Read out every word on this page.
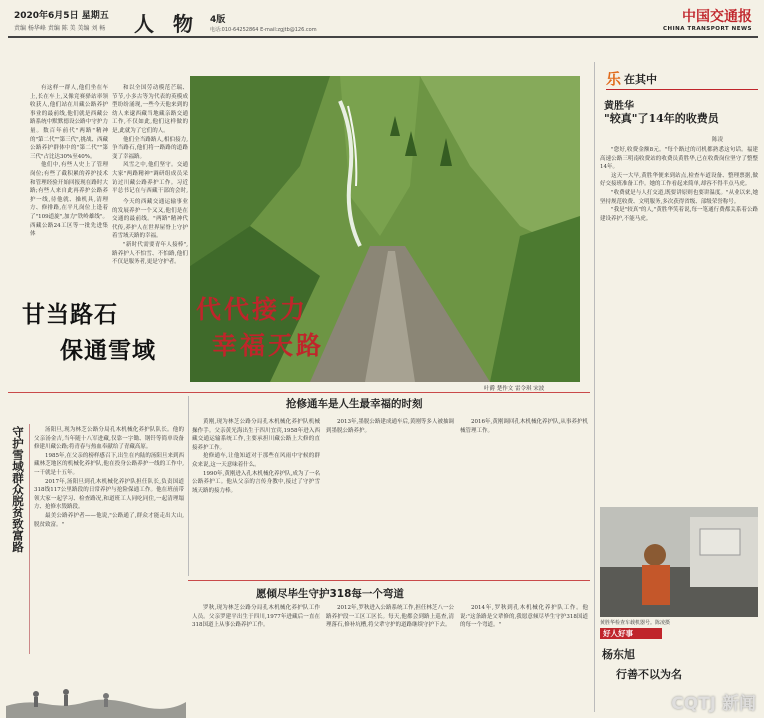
2020年6月5日 星期五
责编 杨华峰 责编 陈 美 美编 刘 畅 人 物 4版
电话:010-64252864 E-mail:zgjtb@126.com
中国交通报
CHINA TRANSPORT NEWS

有这样一群人,他们坐在车上,长在车上,又像竞赛驿站率领收获人,他们站在川藏公路养护事业的最前线,他们就是西藏公路系统中默默德设公路中守护力量。数百年前代"两路"精神的"第二代""第三代",挑战、西藏公路养护群体中的"第二代""第三代"占比达30%至40%。

他们中,有些人史上了管理岗位;有些了截积累的养护技术和管理经验开始回报现在路时大路;有些人来自此再养护公路养护一线,待他就、操机具,清理方、修排路,在平凡岗位上逢着了"109道旋",加力"铁岭雄线"。西藏公路24工区等一批先进集体

和以全国劳动模范芒瑞、节节,小多古等为代表的英模成型纷纷涌现,一些今天他来到的幼人来逮西藏当地藏亲路交通工作,不仅如此,他们这样做的是,此就为了它们的人。

他们全当路路人,相伯接力,争当路石,他们将一路路的道路变了幸福路。

风雪之中,他们坚守。交通大家"两路精神"调研组成员采访过川藏公路养护工作。习近平总书记在与西藏干部的会时,

今天的西藏交通运输事业的发展养护一个又又,他们是在交通的最前线。"两路"精神代代传,养护人在世界屋脊上守护着雪域天路的幸福。

"新时代需要青年人接棒",路养护人不怕雪、不怕路,他们不仅是服务者,更是守护者。

甘当路石	代代接力
保通雪域 幸福天路
叶爵 楚作文 雷令琪 宋波
守护雪域群众脱贫致富路	汤阳旦,现为林芝公路分局孔木机械化养护队队长。他的父亲汤金吉,当年随十八军进藏,仅靠一字锄、钢钎等简单设备修建川藏公路;将青春与热血奉献给了青藏高原。

1985年,在父亲的榜样感召下,出生在内陆的汤阳旦来到西藏林芝地区的机械化养护队,他在投身公路养护一线的工作中,一干就是十五年。

2017年,汤阳旦到孔木机械化养护队担任队长,负责国道318线117公里路段的日常养护与抢险保通工作。他在班前带领大家一起学习、检查路况,和道班工人同吃同住,一起清理塌方、抢修水毁路段。

最美公路养护者——他说,"公路通了,群众才能走出大山,脱贫致富。"

抢修通车是人生最幸福的时刻

黄刚,现为林芝公路分局孔木机械化养护队机械操作手。父亲黄光海出生于四川宜宾,1958年进入西藏交通运输系统工作,主要承担川藏公路上大修的直接养护工作。

抢修通车,让他知道对于那些在风雨中守候的群众来说,这一天意味着什么。

1990年,黄刚进入孔木机械化养护队,成为了一名公路养护工。他从父亲的言传身教中,接过了守护雪域天路的接力棒。

2013年,墨脱公路建成通车后,黄刚等多人被抽调到墨脱公路养护。

2016年,黄刚调回孔木机械化养护队,从事养护机械管理工作。

愿倾尽毕生守护318每一个弯道

罗秋,现为林芝公路分局孔木机械化养护队工作人员。父亲罗建平出生于四川,1977年进藏后一直在318国道上从事公路养护工作。

2012年,罗秋进入公路系统工作,担任林芝八一公路养护段一工区工区长。每天,他都会到路上巡查,清理落石,修补坑槽,将父辈守护的道路继续守护下去。

2014年,罗秋到孔木机械化养护队工作。他说:"这条路是父辈修的,我愿意倾尽毕生守护318国道的每一个弯道。"

乐 在其中
黄胜华
"较真"了14年的收费员
陈凌

"您好,收费金额8元。"每个路过的司机都熟悉这句话。福建高速公路三明南收费站的收费员黄胜华,已在收费岗位坚守了整整14年。

这天一大早,黄胜华便来到站点,检查车道设备、整理票据,做好交接班准备工作。她的工作看起来简单,却容不得半点马虎。

"收费就是与人打交道,既要讲原则也要讲温度。"从业以来,她坚持规范收费、文明服务,多次获得省级、部级荣誉称号。

"我是"较真"的人,"黄胜华笑着说,每一笔通行费都关系着公路建设养护,不能马虎。

黄胜华检查车载机器号。陈凌摄
好人好事
杨东旭
行善不以为名
CQTJ 新闻
